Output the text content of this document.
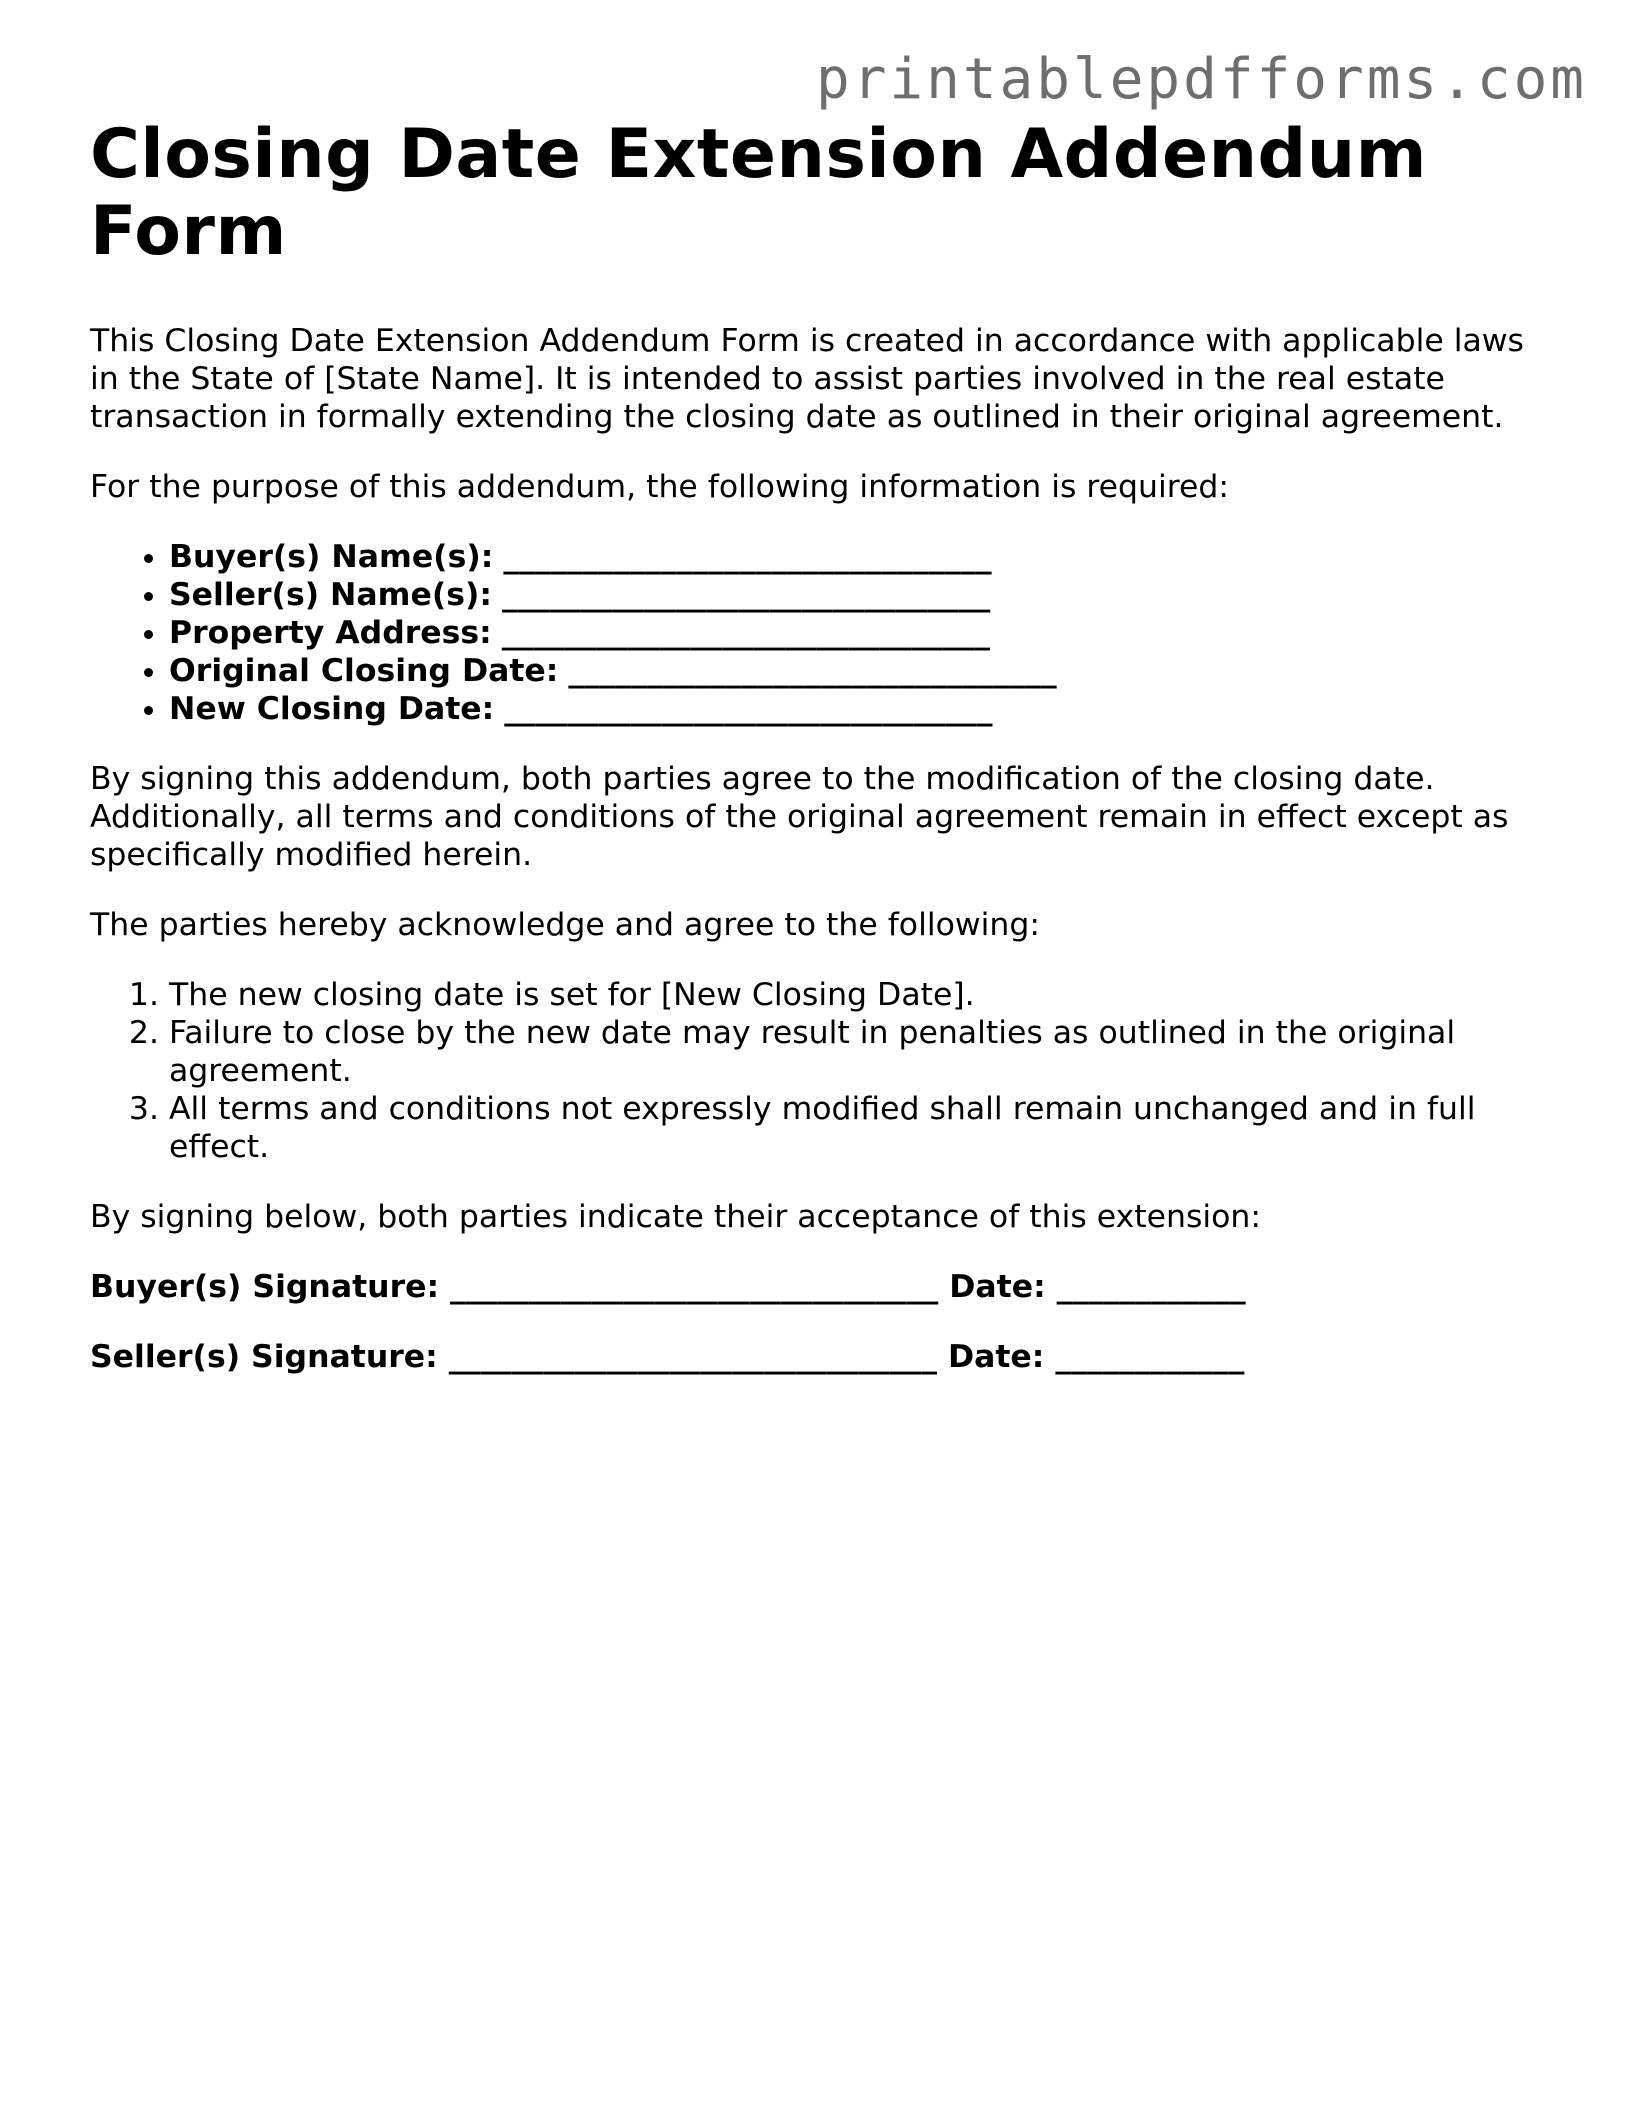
printablepdfforms.com
Closing Date Extension Addendum Form

This Closing Date Extension Addendum Form is created in accordance with applicable laws in the State of [State Name]. It is intended to assist parties involved in the real estate transaction in formally extending the closing date as outlined in their original agreement.

For the purpose of this addendum, the following information is required:

• Buyer(s) Name(s): _______________________________
• Seller(s) Name(s): _______________________________
• Property Address: _______________________________
• Original Closing Date: _______________________________
• New Closing Date: _______________________________

By signing this addendum, both parties agree to the modification of the closing date. Additionally, all terms and conditions of the original agreement remain in effect except as specifically modified herein.

The parties hereby acknowledge and agree to the following:

1. The new closing date is set for [New Closing Date].
2. Failure to close by the new date may result in penalties as outlined in the original agreement.
3. All terms and conditions not expressly modified shall remain unchanged and in full effect.

By signing below, both parties indicate their acceptance of this extension:

Buyer(s) Signature: _______________________________ Date: ____________
Seller(s) Signature: _______________________________ Date: ____________
